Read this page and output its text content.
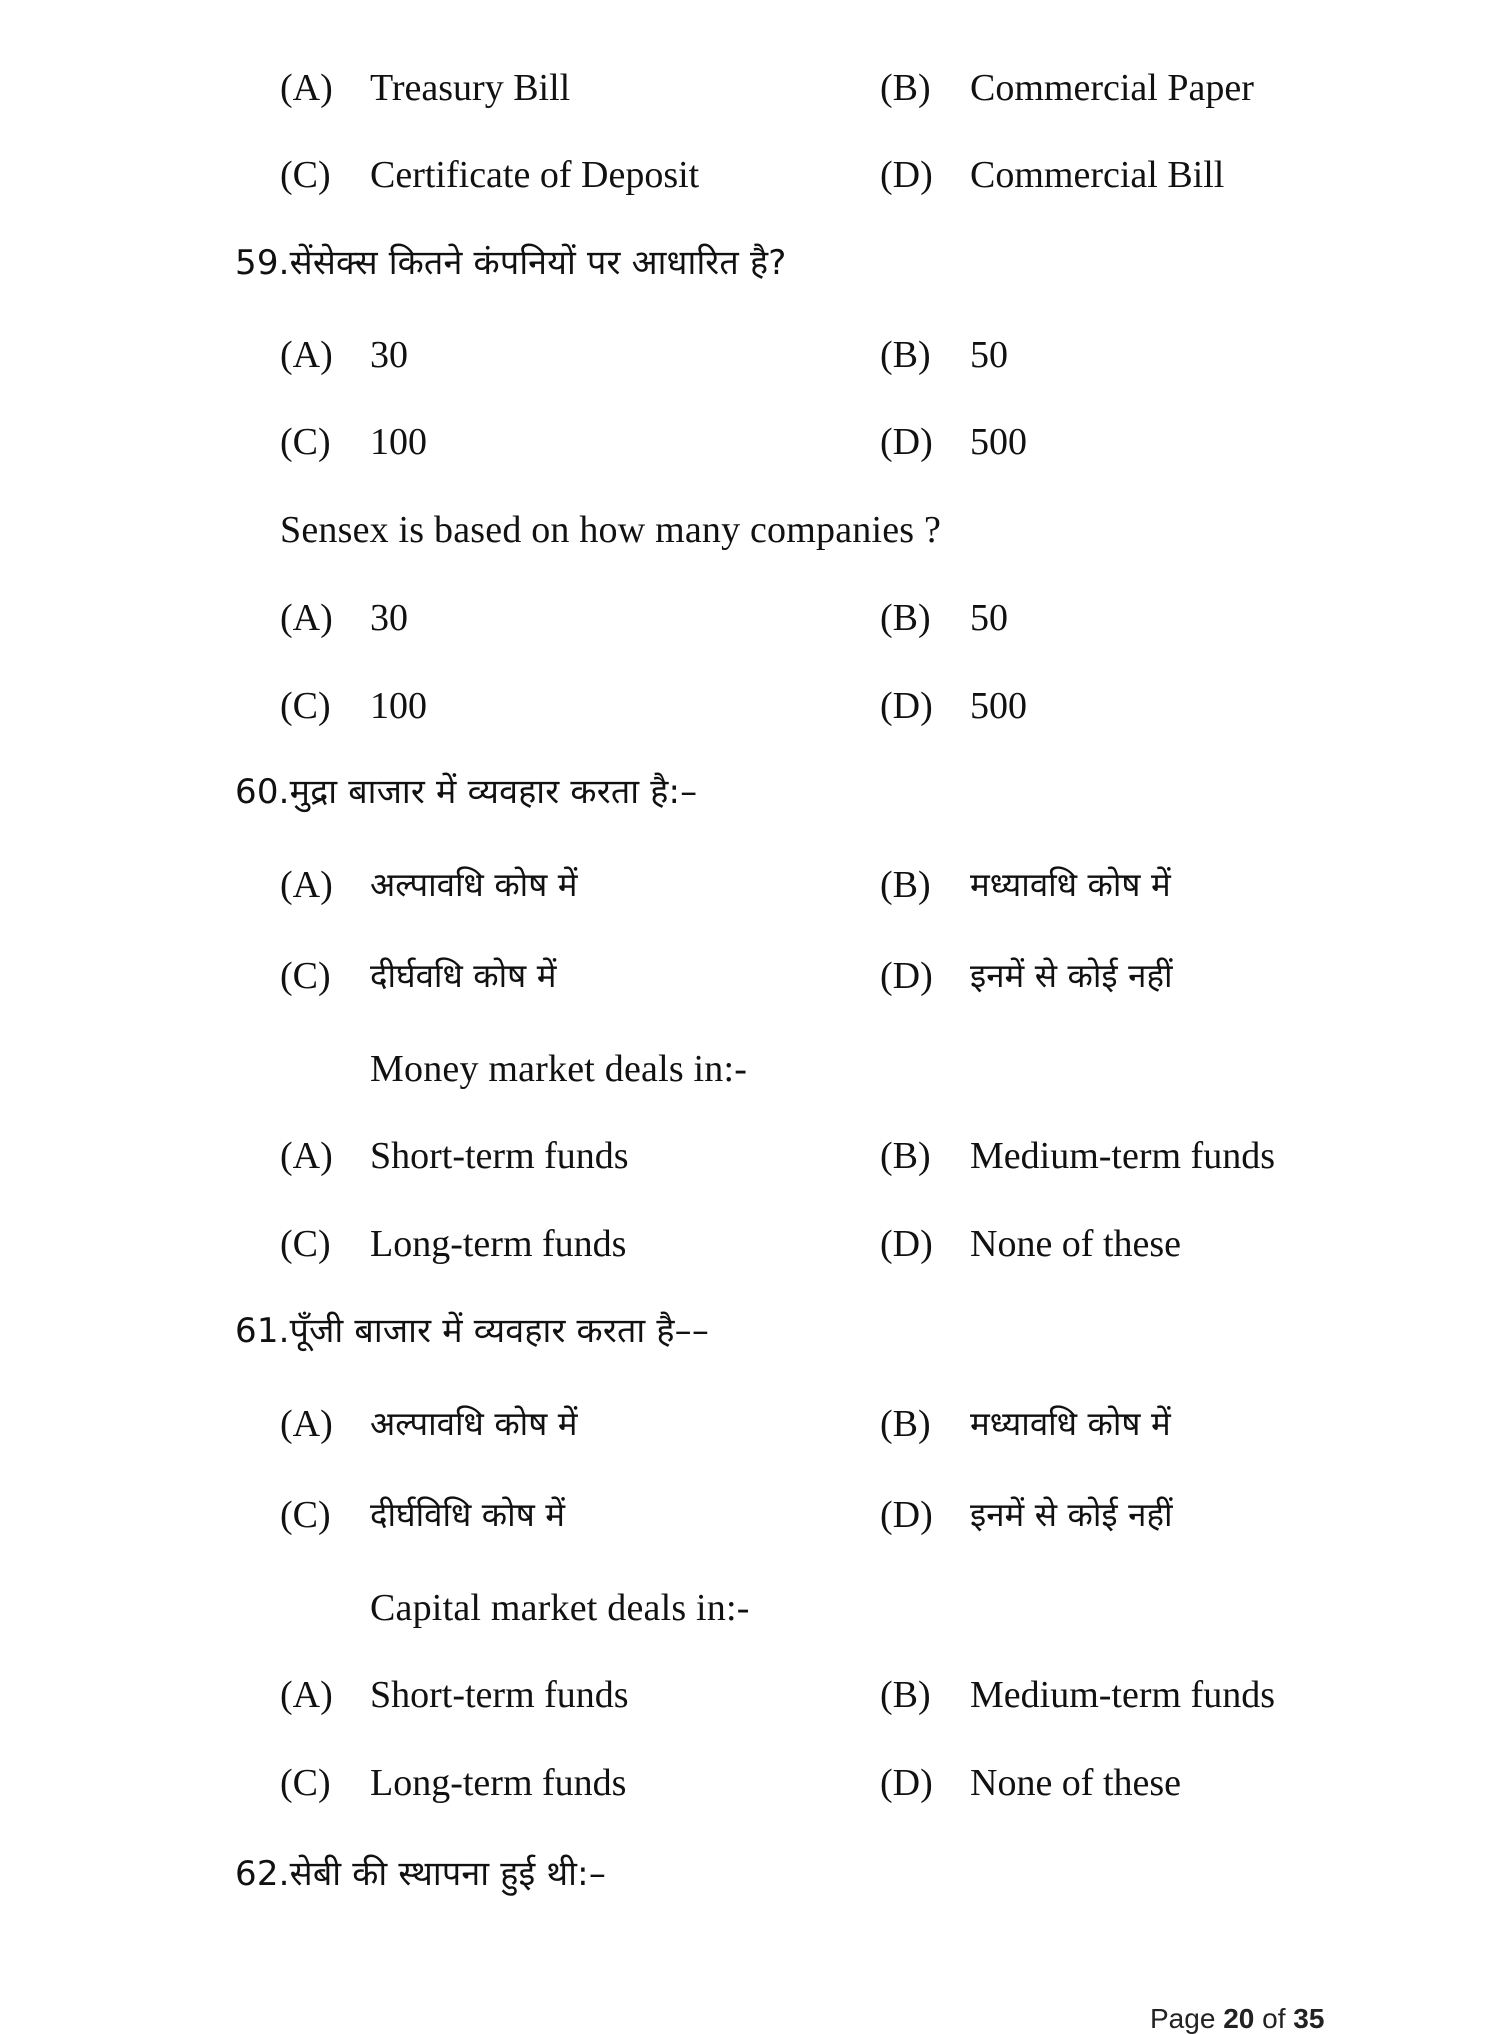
(A) Treasury Bill	(B) Commercial Paper
(C) Certificate of Deposit	(D) Commercial Bill
59.सेंसेक्स कितने कंपनियों पर आधारित है?
(A) 30	(B) 50
(C) 100	(D) 500
Sensex is based on how many companies ?
(A) 30	(B) 50
(C) 100	(D) 500
60.मुद्रा बाजार में व्यवहार करता है:–
(A) अल्पावधि कोष में	(B) मध्यावधि कोष में
(C) दीर्घवधि कोष में	(D) इनमें से कोई नहीं
Money market deals in:-
(A) Short-term funds	(B) Medium-term funds
(C) Long-term funds	(D) None of these
61.पूँजी बाजार में व्यवहार करता है––
(A) अल्पावधि कोष में	(B) मध्यावधि कोष में
(C) दीर्घविधि कोष में	(D) इनमें से कोई नहीं
Capital market deals in:-
(A) Short-term funds	(B) Medium-term funds
(C) Long-term funds	(D) None of these
62.सेबी की स्थापना हुई थी:–
Page 20 of 35
